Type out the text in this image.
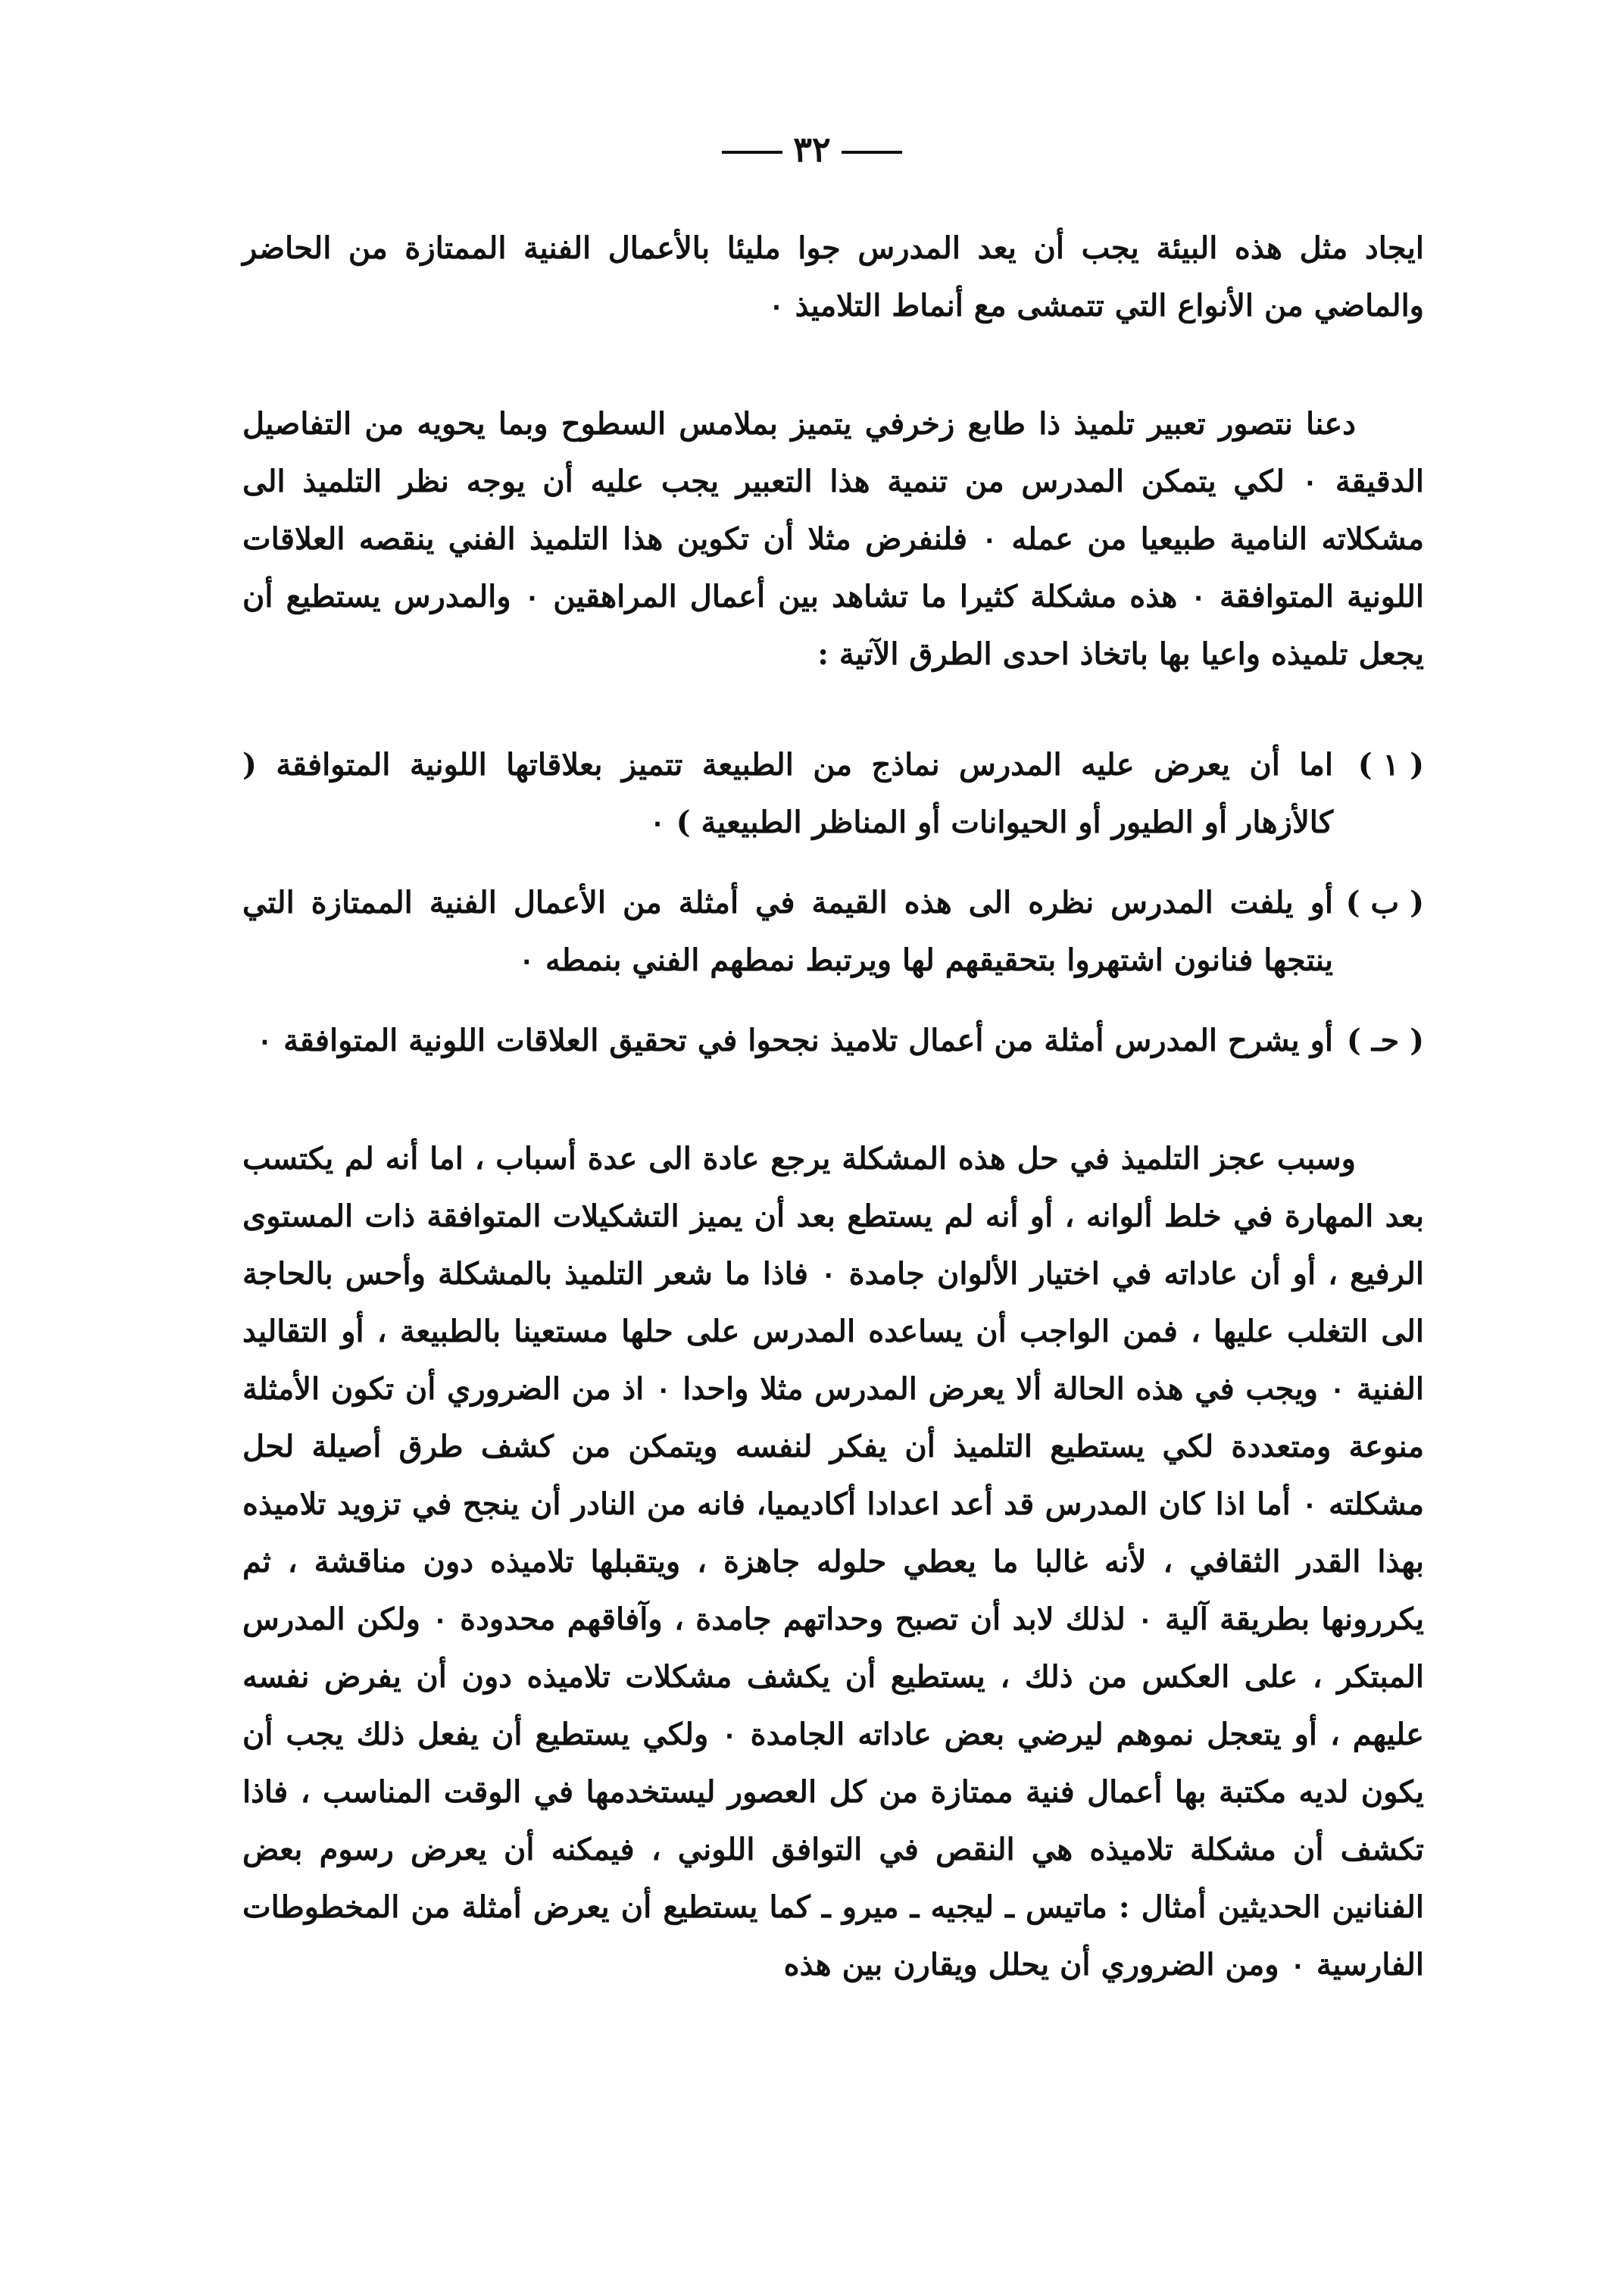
٣٢

ايجاد مثل هذه البيئة يجب أن يعد المدرس جوا مليئا بالأعمال الفنية الممتازة من الحاضر والماضي من الأنواع التي تتمشى مع أنماط التلاميذ ٠

دعنا نتصور تعبير تلميذ ذا طابع زخرفي يتميز بملامس السطوح وبما يحويه من التفاصيل الدقيقة ٠ لكي يتمكن المدرس من تنمية هذا التعبير يجب عليه أن يوجه نظر التلميذ الى مشكلاته النامية طبيعيا من عمله ٠ فلنفرض مثلا أن تكوين هذا التلميذ الفني ينقصه العلاقات اللونية المتوافقة ٠ هذه مشكلة كثيرا ما تشاهد بين أعمال المراهقين ٠ والمدرس يستطيع أن يجعل تلميذه واعيا بها باتخاذ احدى الطرق الآتية :

( ١ )
اما أن يعرض عليه المدرس نماذج من الطبيعة تتميز بعلاقاتها اللونية المتوافقة ( كالأزهار أو الطيور أو الحيوانات أو المناظر الطبيعية ) ٠
( ب )
أو يلفت المدرس نظره الى هذه القيمة في أمثلة من الأعمال الفنية الممتازة التي ينتجها فنانون اشتهروا بتحقيقهم لها ويرتبط نمطهم الفني بنمطه ٠
( حـ )
أو يشرح المدرس أمثلة من أعمال تلاميذ نجحوا في تحقيق العلاقات اللونية المتوافقة ٠

وسبب عجز التلميذ في حل هذه المشكلة يرجع عادة الى عدة أسباب ، اما أنه لم يكتسب بعد المهارة في خلط ألوانه ، أو أنه لم يستطع بعد أن يميز التشكيلات المتوافقة ذات المستوى الرفيع ، أو أن عاداته في اختيار الألوان جامدة ٠ فاذا ما شعر التلميذ بالمشكلة وأحس بالحاجة الى التغلب عليها ، فمن الواجب أن يساعده المدرس على حلها مستعينا بالطبيعة ، أو التقاليد الفنية ٠ ويجب في هذه الحالة ألا يعرض المدرس مثلا واحدا ٠ اذ من الضروري أن تكون الأمثلة منوعة ومتعددة لكي يستطيع التلميذ أن يفكر لنفسه ويتمكن من كشف طرق أصيلة لحل مشكلته ٠ أما اذا كان المدرس قد أعد اعدادا أكاديميا، فانه من النادر أن ينجح في تزويد تلاميذه بهذا القدر الثقافي ، لأنه غالبا ما يعطي حلوله جاهزة ، ويتقبلها تلاميذه دون مناقشة ، ثم يكررونها بطريقة آلية ٠ لذلك لابد أن تصبح وحداتهم جامدة ، وآفاقهم محدودة ٠ ولكن المدرس المبتكر ، على العكس من ذلك ، يستطيع أن يكشف مشكلات تلاميذه دون أن يفرض نفسه عليهم ، أو يتعجل نموهم ليرضي بعض عاداته الجامدة ٠ ولكي يستطيع أن يفعل ذلك يجب أن يكون لديه مكتبة بها أعمال فنية ممتازة من كل العصور ليستخدمها في الوقت المناسب ، فاذا تكشف أن مشكلة تلاميذه هي النقص في التوافق اللوني ، فيمكنه أن يعرض رسوم بعض الفنانين الحديثين أمثال : ماتيس ـ ليجيه ـ ميرو ـ كما يستطيع أن يعرض أمثلة من المخطوطات الفارسية ٠ ومن الضروري أن يحلل ويقارن بين هذه
